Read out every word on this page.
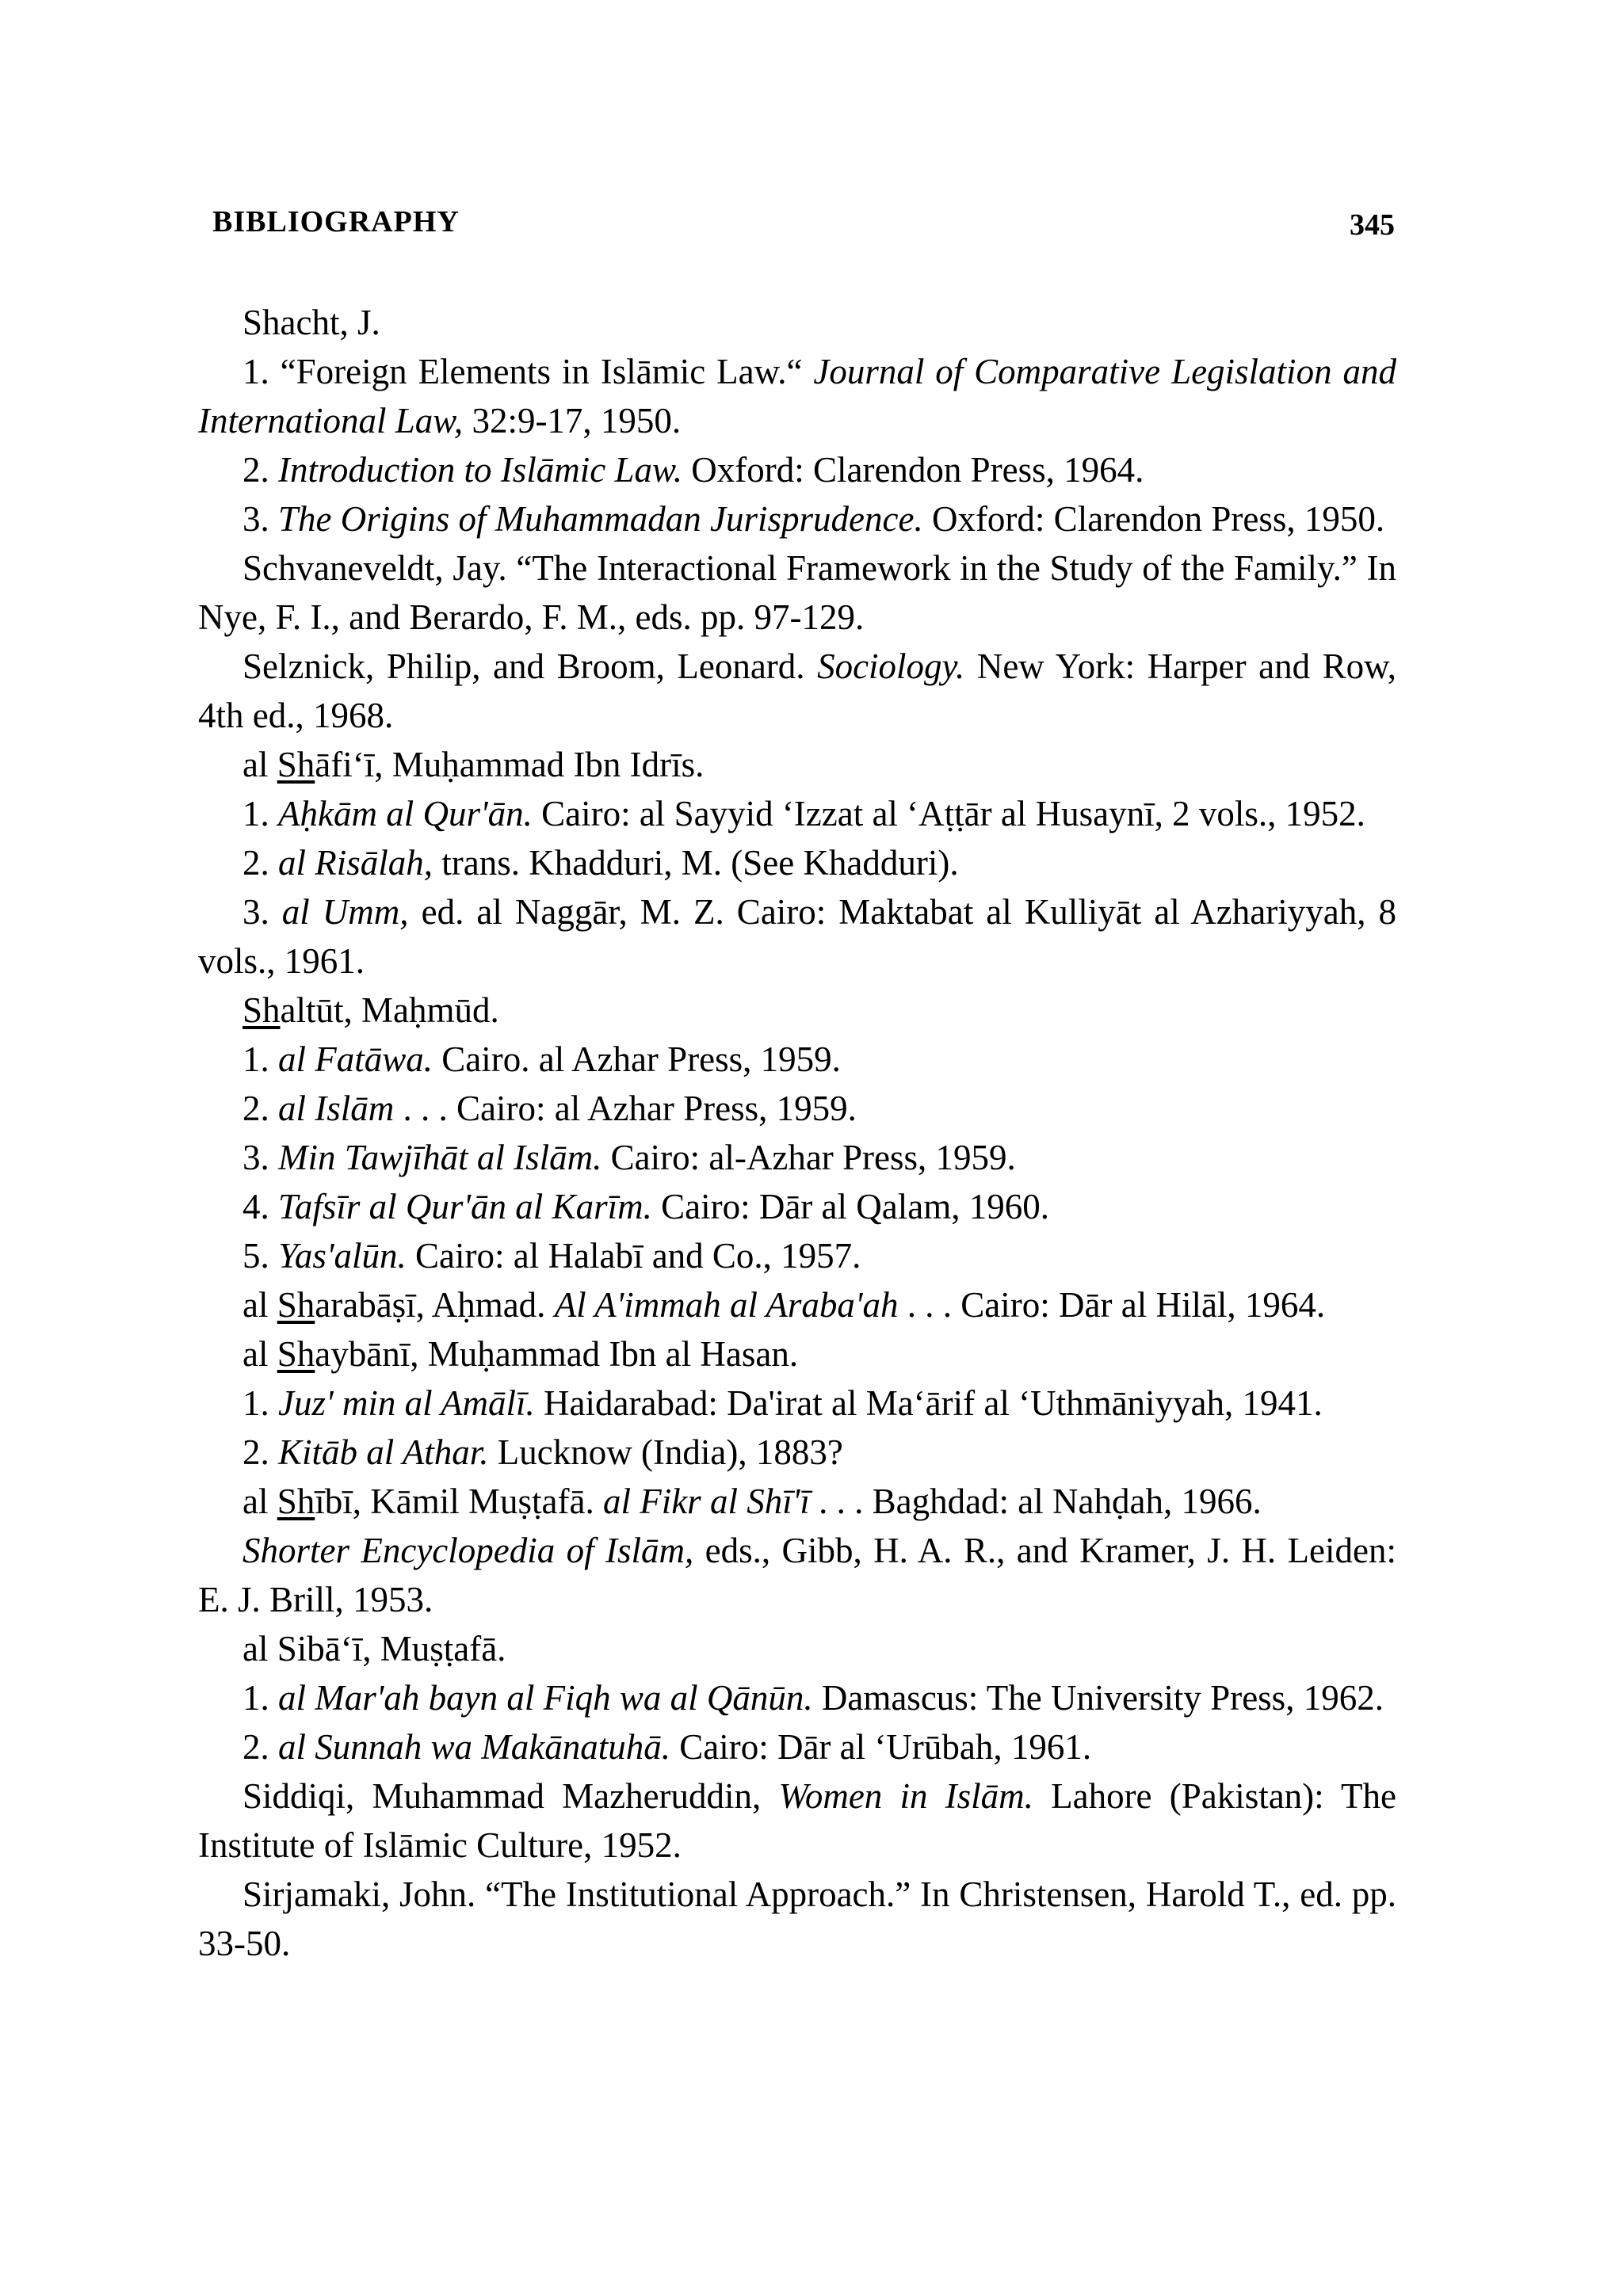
BIBLIOGRAPHY	345

Shacht, J.

1. “Foreign Elements in Islāmic Law.“ Journal of Comparative Legislation and International Law, 32:9-17, 1950.

2. Introduction to Islāmic Law. Oxford: Clarendon Press, 1964.

3. The Origins of Muhammadan Jurisprudence. Oxford: Clarendon Press, 1950.

Schvaneveldt, Jay. “The Interactional Framework in the Study of the Family.” In Nye, F. I., and Berardo, F. M., eds. pp. 97-129.

Selznick, Philip, and Broom, Leonard. Sociology. New York: Harper and Row, 4th ed., 1968.

al Shāfi‘ī, Muḥammad Ibn Idrīs.

1. Aḥkām al Qur'ān. Cairo: al Sayyid ‘Izzat al ‘Aṭṭār al Husaynī, 2 vols., 1952.

2. al Risālah, trans. Khadduri, M. (See Khadduri).

3. al Umm, ed. al Naggār, M. Z. Cairo: Maktabat al Kulliyāt al Azhariyyah, 8 vols., 1961.

Shaltūt, Maḥmūd.

1. al Fatāwa. Cairo. al Azhar Press, 1959.

2. al Islām . . . Cairo: al Azhar Press, 1959.

3. Min Tawjīhāt al Islām. Cairo: al-Azhar Press, 1959.

4. Tafsīr al Qur'ān al Karīm. Cairo: Dār al Qalam, 1960.

5. Yas'alūn. Cairo: al Halabī and Co., 1957.

al Sharabāṣī, Aḥmad. Al A'immah al Araba'ah . . . Cairo: Dār al Hilāl, 1964.

al Shaybānī, Muḥammad Ibn al Hasan.

1. Juz' min al Amālī. Haidarabad: Da'irat al Ma‘ārif al ‘Uthmāniyyah, 1941.

2. Kitāb al Athar. Lucknow (India), 1883?

al Shībī, Kāmil Muṣṭafā. al Fikr al Shī'ī . . . Baghdad: al Nahḍah, 1966.

Shorter Encyclopedia of Islām, eds., Gibb, H. A. R., and Kramer, J. H. Leiden: E. J. Brill, 1953.

al Sibā‘ī, Muṣṭafā.

1. al Mar'ah bayn al Fiqh wa al Qānūn. Damascus: The University Press, 1962.

2. al Sunnah wa Makānatuhā. Cairo: Dār al ‘Urūbah, 1961.

Siddiqi, Muhammad Mazheruddin, Women in Islām. Lahore (Pakistan): The Institute of Islāmic Culture, 1952.

Sirjamaki, John. “The Institutional Approach.” In Christensen, Harold T., ed. pp. 33-50.
